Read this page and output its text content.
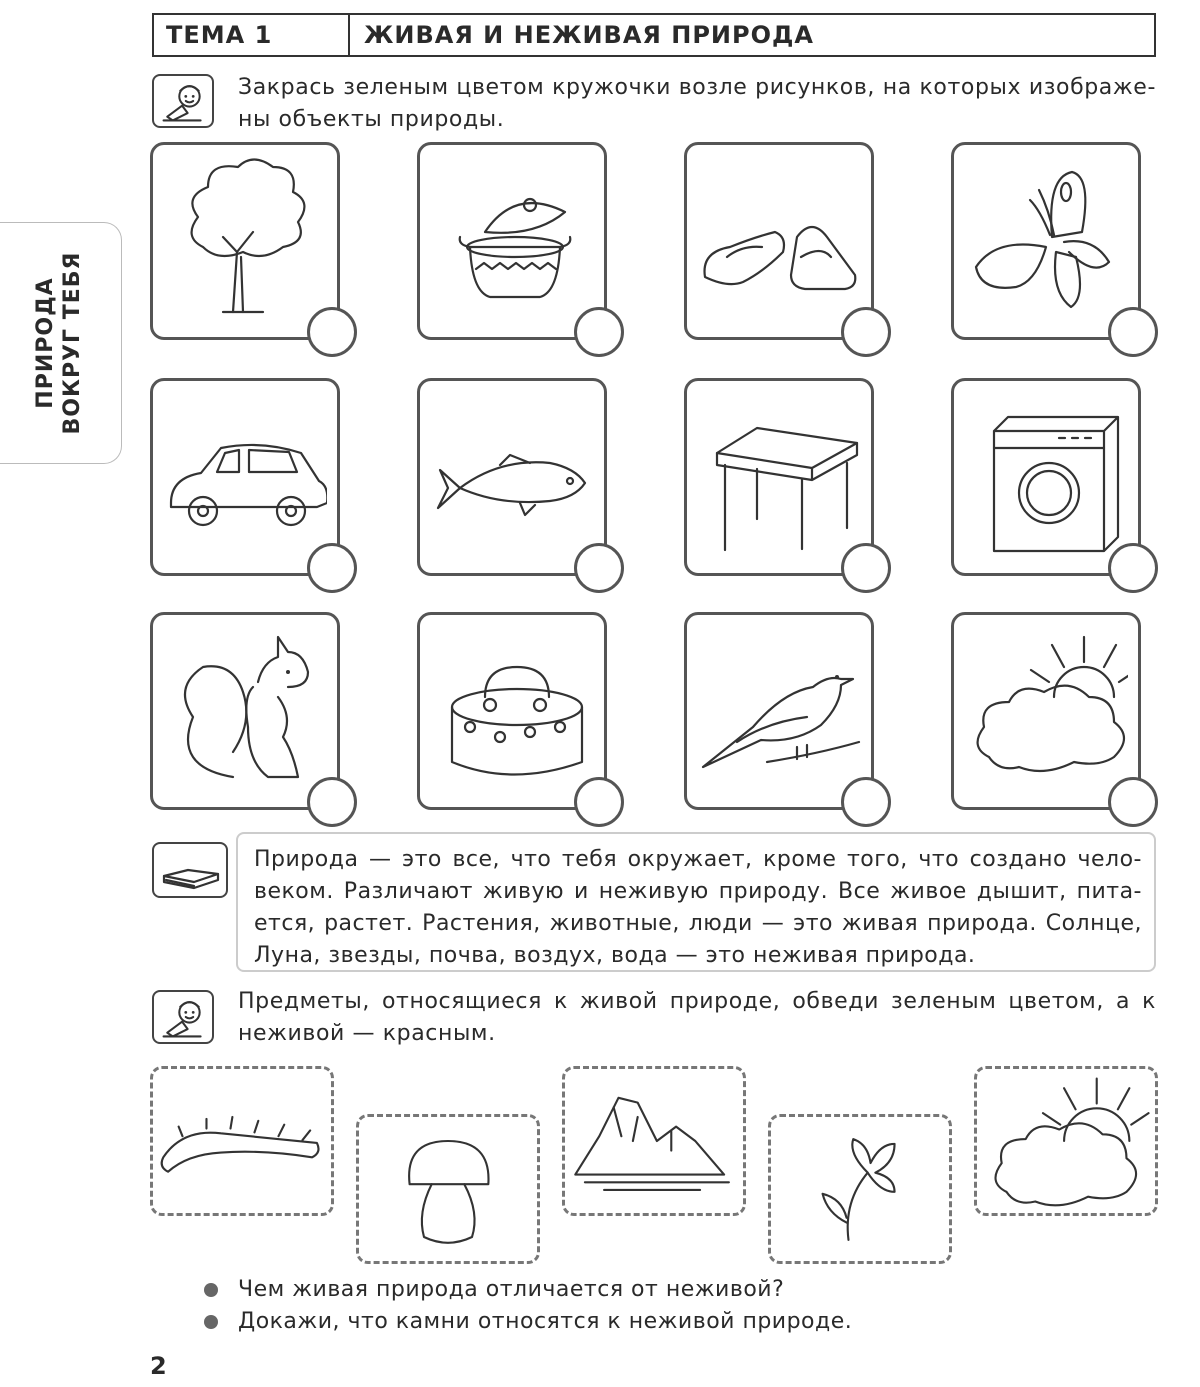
ТЕМА 1	ЖИВАЯ И НЕЖИВАЯ ПРИРОДА
ПРИРОДА ВОКРУГ ТЕБЯ
Закрась зеленым цветом кружочки возле рисунков, на которых изображе-ны объекты природы.
Природа — это все, что тебя окружает, кроме того, что создано чело-веком. Различают живую и неживую природу. Все живое дышит, пита-ется, растет. Растения, животные, люди — это живая природа. Солнце, Луна, звезды, почва, воздух, вода — это неживая природа.
Предметы, относящиеся к живой природе, обведи зеленым цветом, а к неживой — красным.
Чем живая природа отличается от неживой?
Докажи, что камни относятся к неживой природе.
2
